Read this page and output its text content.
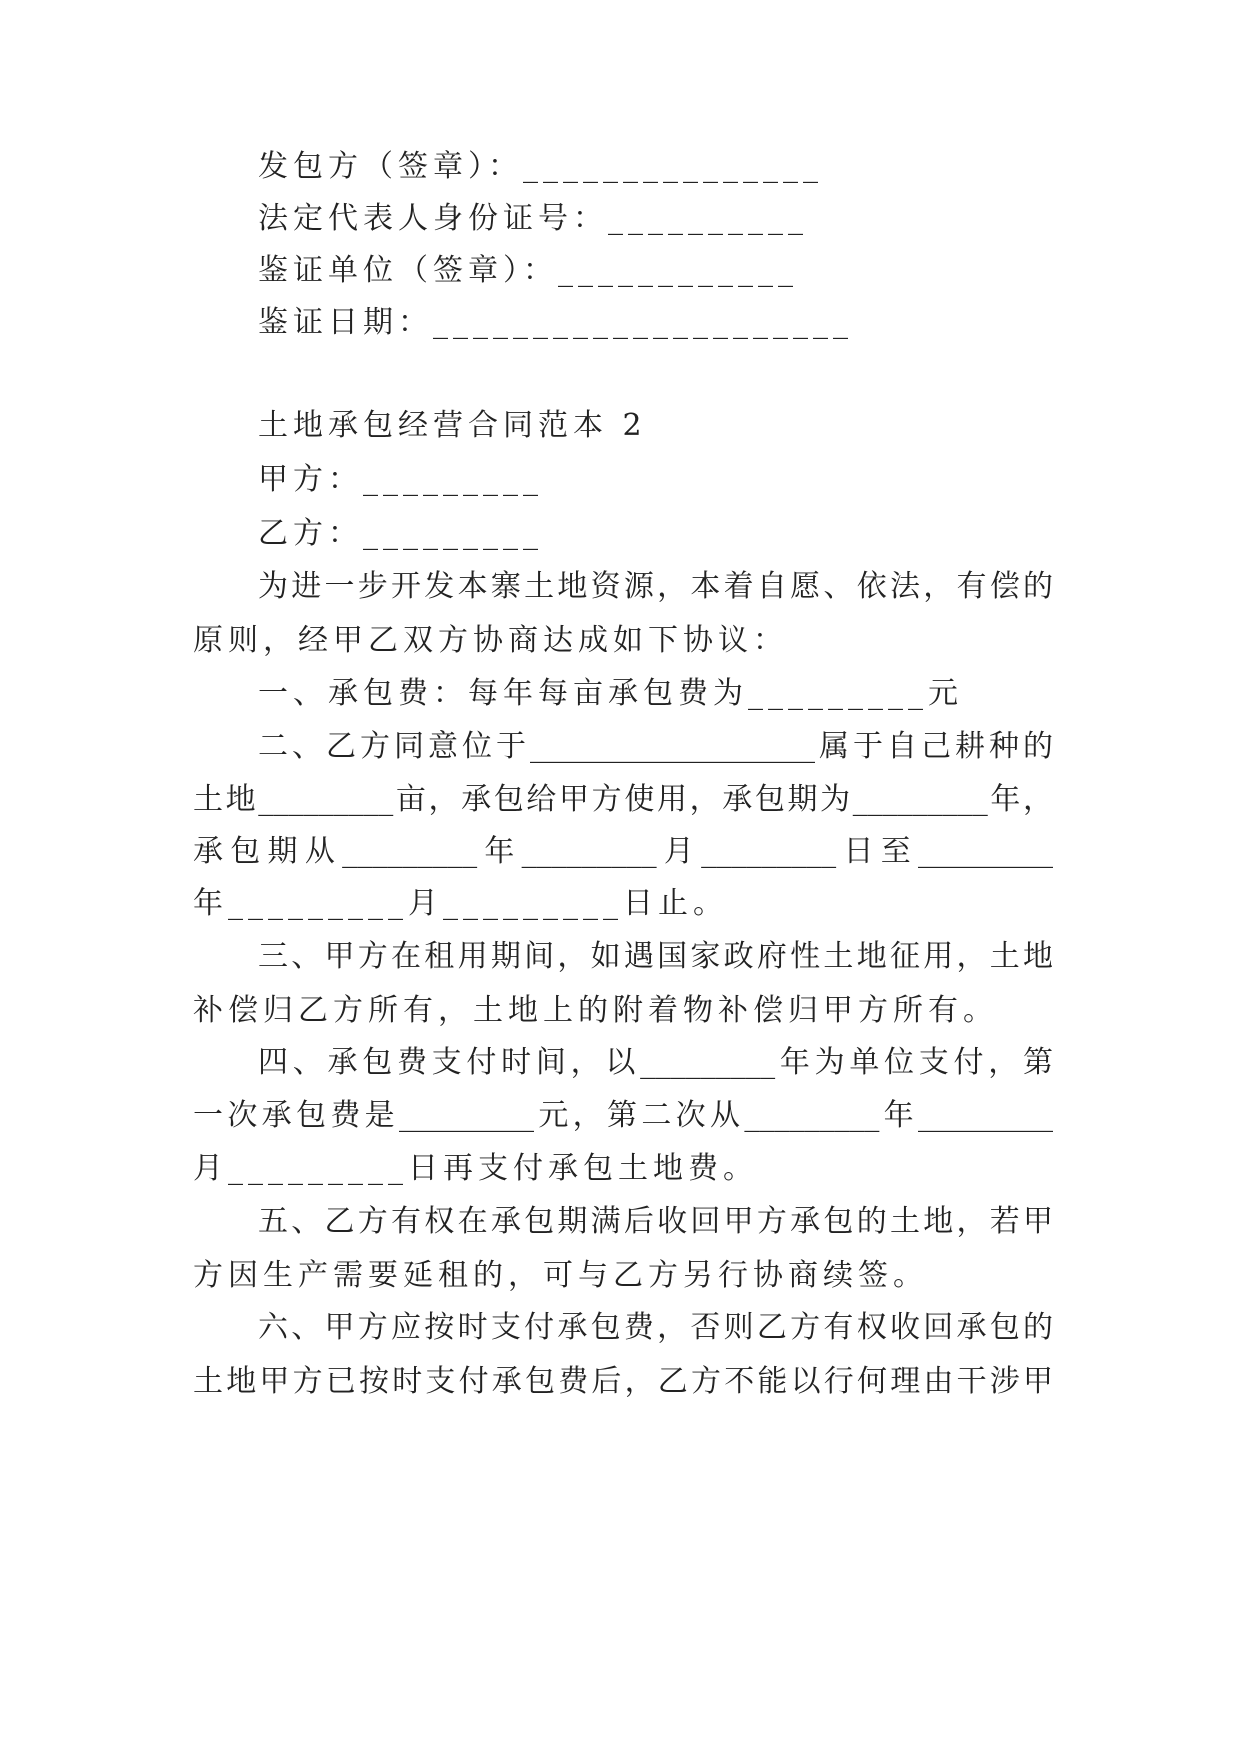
发包方（签章）：_______________
法定代表人身份证号：__________
鉴证单位（签章）：____________
鉴证日期：_____________________
土地承包经营合同范本 2
甲方：_________
乙方：_________
为进一步开发本寨土地资源，本着自愿、依法，有偿的
原则，经甲乙双方协商达成如下协议：
一、承包费：每年每亩承包费为_________元
二、乙方同意位于___________________属于自己耕种的
土地_________亩，承包给甲方使用，承包期为_________年，
承包期从_________年_________月_________日至_________
年_________月_________日止。
三、甲方在租用期间，如遇国家政府性土地征用，土地
补偿归乙方所有，土地上的附着物补偿归甲方所有。
四、承包费支付时间，以_________年为单位支付，第
一次承包费是_________元，第二次从_________年_________
月_________日再支付承包土地费。
五、乙方有权在承包期满后收回甲方承包的土地，若甲
方因生产需要延租的，可与乙方另行协商续签。
六、甲方应按时支付承包费，否则乙方有权收回承包的
土地甲方已按时支付承包费后，乙方不能以行何理由干涉甲
